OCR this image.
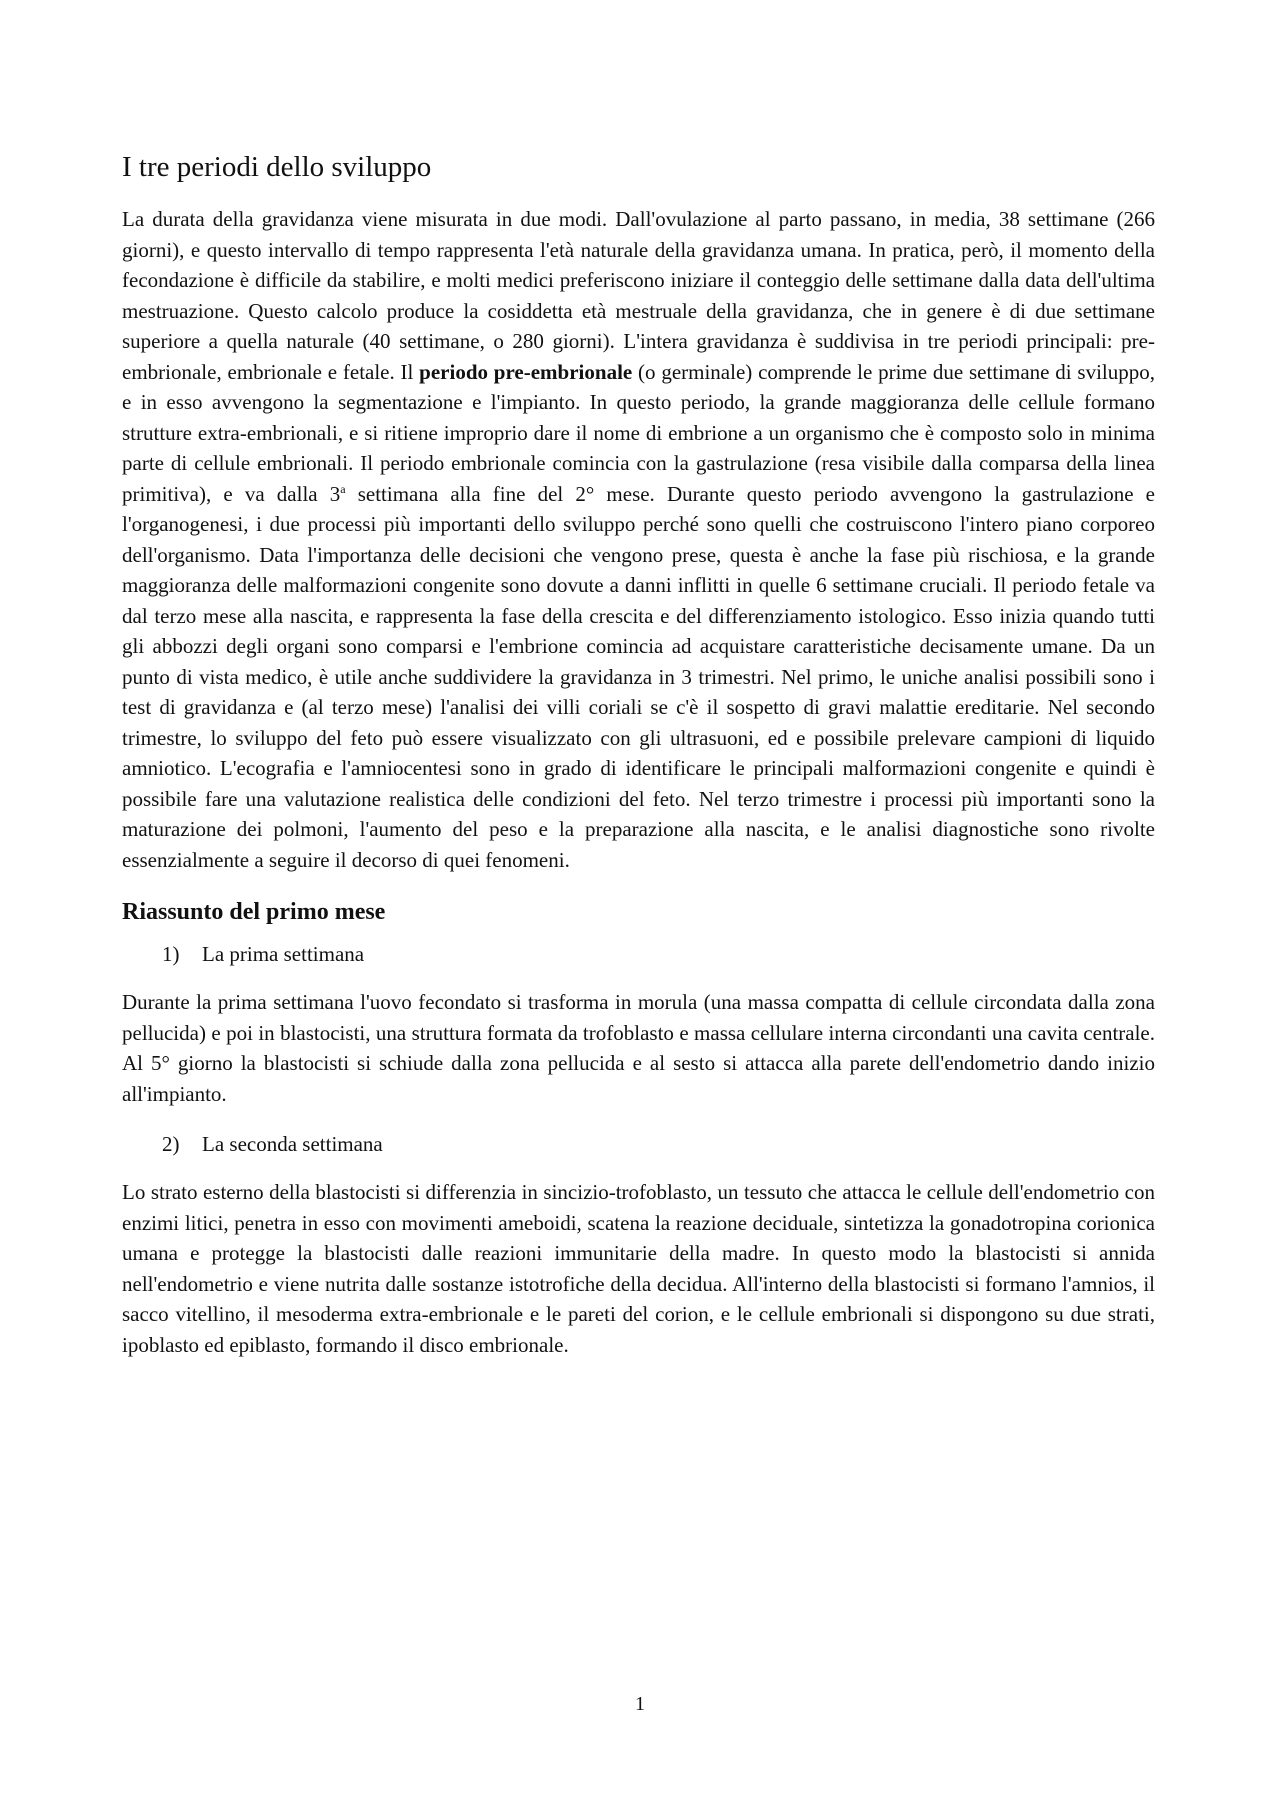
I tre periodi dello sviluppo

La durata della gravidanza viene misurata in due modi. Dall'ovulazione al parto passano, in media, 38 settimane (266 giorni), e questo intervallo di tempo rappresenta l'età naturale della gravidanza umana. In pratica, però, il momento della fecondazione è difficile da stabilire, e molti medici preferiscono iniziare il conteggio delle settimane dalla data dell'ultima mestruazione. Questo calcolo produce la cosiddetta età mestruale della gravidanza, che in genere è di due settimane superiore a quella naturale (40 settimane, o 280 giorni). L'intera gravidanza è suddivisa in tre periodi principali: pre-embrionale, embrionale e fetale. Il periodo pre-embrionale (o germinale) comprende le prime due settimane di sviluppo, e in esso avvengono la segmentazione e l'impianto. In questo periodo, la grande maggioranza delle cellule formano strutture extra-embrionali, e si ritiene improprio dare il nome di embrione a un organismo che è composto solo in minima parte di cellule embrionali. Il periodo embrionale comincia con la gastrulazione (resa visibile dalla comparsa della linea primitiva), e va dalla 3$^a$ settimana alla fine del 2° mese. Durante questo periodo avvengono la gastrulazione e l'organogenesi, i due processi più importanti dello sviluppo perché sono quelli che costruiscono l'intero piano corporeo dell'organismo. Data l'importanza delle decisioni che vengono prese, questa è anche la fase più rischiosa, e la grande maggioranza delle malformazioni congenite sono dovute a danni inflitti in quelle 6 settimane cruciali. Il periodo fetale va dal terzo mese alla nascita, e rappresenta la fase della crescita e del differenziamento istologico. Esso inizia quando tutti gli abbozzi degli organi sono comparsi e l'embrione comincia ad acquistare caratteristiche decisamente umane. Da un punto di vista medico, è utile anche suddividere la gravidanza in 3 trimestri. Nel primo, le uniche analisi possibili sono i test di gravidanza e (al terzo mese) l'analisi dei villi coriali se c'è il sospetto di gravi malattie ereditarie. Nel secondo trimestre, lo sviluppo del feto può essere visualizzato con gli ultrasuoni, ed e possibile prelevare campioni di liquido amniotico. L'ecografia e l'amniocentesi sono in grado di identificare le principali malformazioni congenite e quindi è possibile fare una valutazione realistica delle condizioni del feto. Nel terzo trimestre i processi più importanti sono la maturazione dei polmoni, l'aumento del peso e la preparazione alla nascita, e le analisi diagnostiche sono rivolte essenzialmente a seguire il decorso di quei fenomeni.

Riassunto del primo mese
1) La prima settimana

Durante la prima settimana l'uovo fecondato si trasforma in morula (una massa compatta di cellule circondata dalla zona pellucida) e poi in blastocisti, una struttura formata da trofoblasto e massa cellulare interna circondanti una cavita centrale. Al 5° giorno la blastocisti si schiude dalla zona pellucida e al sesto si attacca alla parete dell'endometrio dando inizio all'impianto.

2) La seconda settimana

Lo strato esterno della blastocisti si differenzia in sincizio-trofoblasto, un tessuto che attacca le cellule dell'endometrio con enzimi litici, penetra in esso con movimenti ameboidi, scatena la reazione deciduale, sintetizza la gonadotropina corionica umana e protegge la blastocisti dalle reazioni immunitarie della madre. In questo modo la blastocisti si annida nell'endometrio e viene nutrita dalle sostanze istotrofiche della decidua. All'interno della blastocisti si formano l'amnios, il sacco vitellino, il mesoderma extra-embrionale e le pareti del corion, e le cellule embrionali si dispongono su due strati, ipoblasto ed epiblasto, formando il disco embrionale.

1
